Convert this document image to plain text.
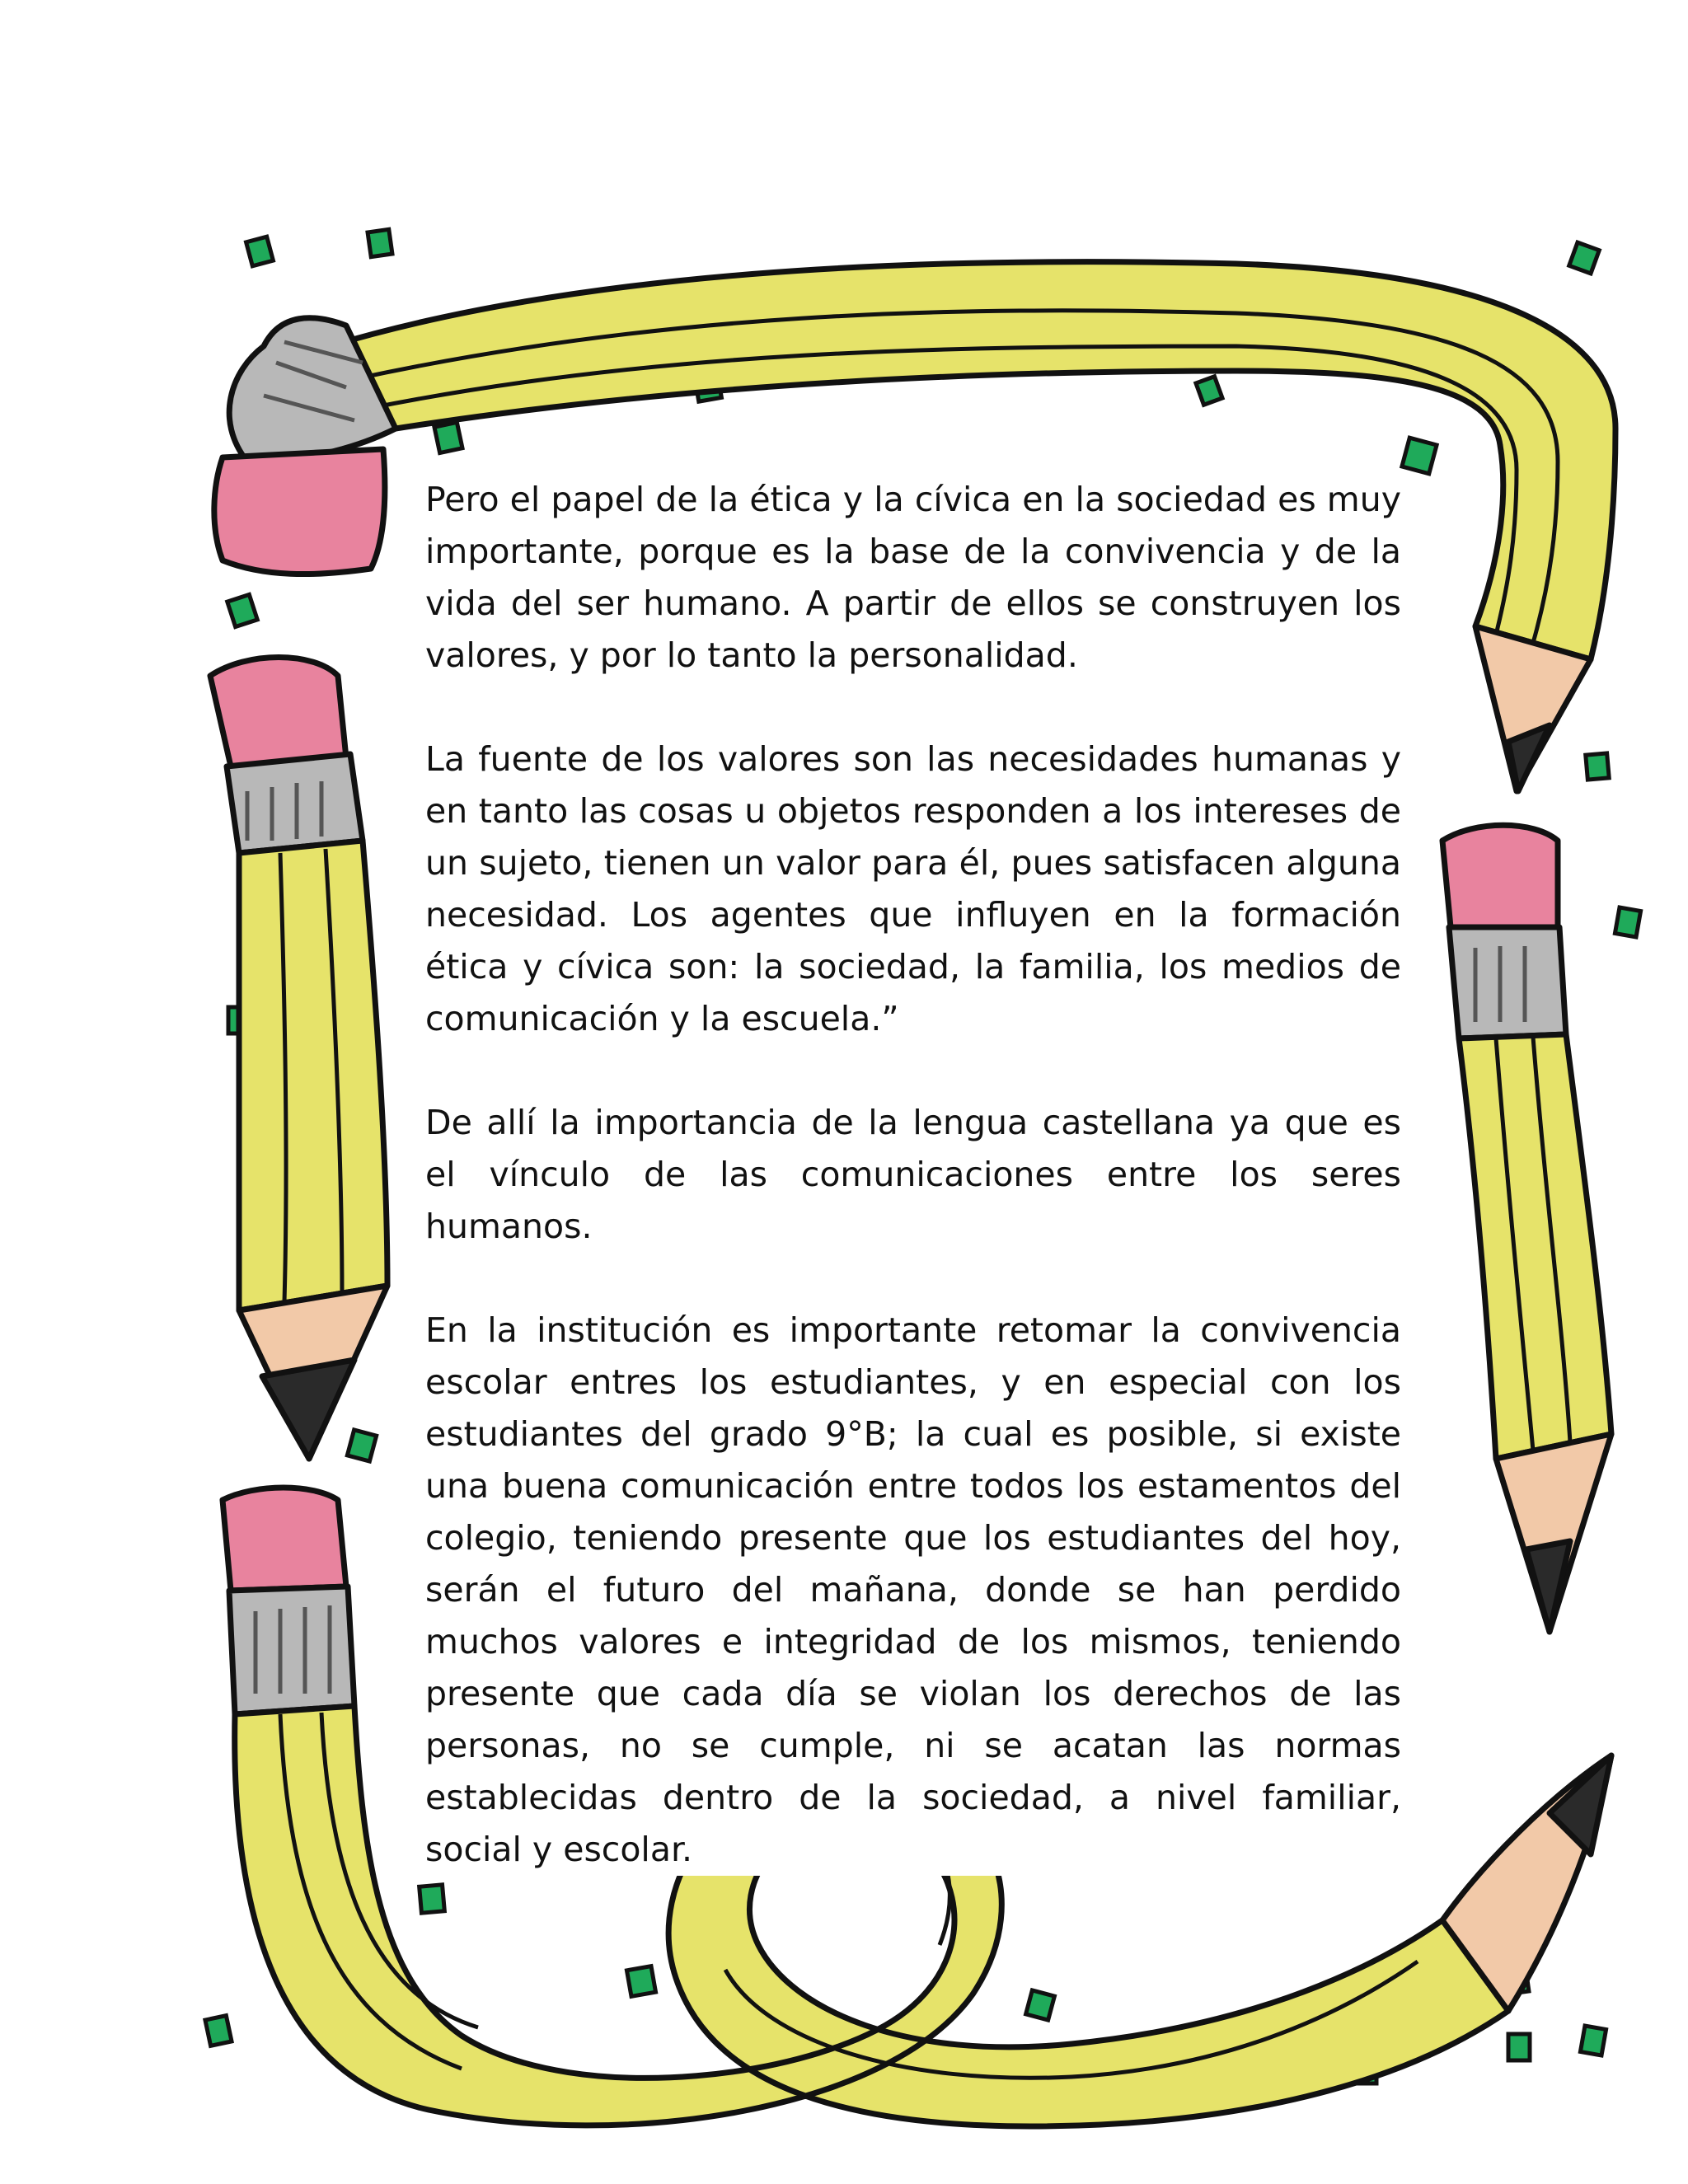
Pero el papel de la ética y la cívica en la sociedad es muy importante, porque es la base de la convivencia y de la vida del ser humano. A partir de ellos se construyen los valores, y por lo tanto la personalidad.

La fuente de los valores son las necesidades humanas y en tanto las cosas u objetos responden a los intereses de un sujeto, tienen un valor para él, pues satisfacen alguna necesidad. Los agentes que influyen en la formación ética y cívica son: la sociedad, la familia, los medios de comunicación y la escuela.”

De allí la importancia de la lengua castellana ya que es el vínculo de las comunicaciones entre los seres humanos.

En la institución es importante retomar la convivencia escolar entres los estudiantes, y en especial con los estudiantes del grado 9°B; la cual es posible, si existe una buena comunicación entre todos los estamentos del colegio, teniendo presente que los estudiantes del hoy, serán el futuro del mañana, donde se han perdido muchos valores e integridad de los mismos, teniendo presente que cada día se violan los derechos de las personas, no se cumple, ni se acatan las normas establecidas dentro de la sociedad, a nivel familiar, social y escolar.
